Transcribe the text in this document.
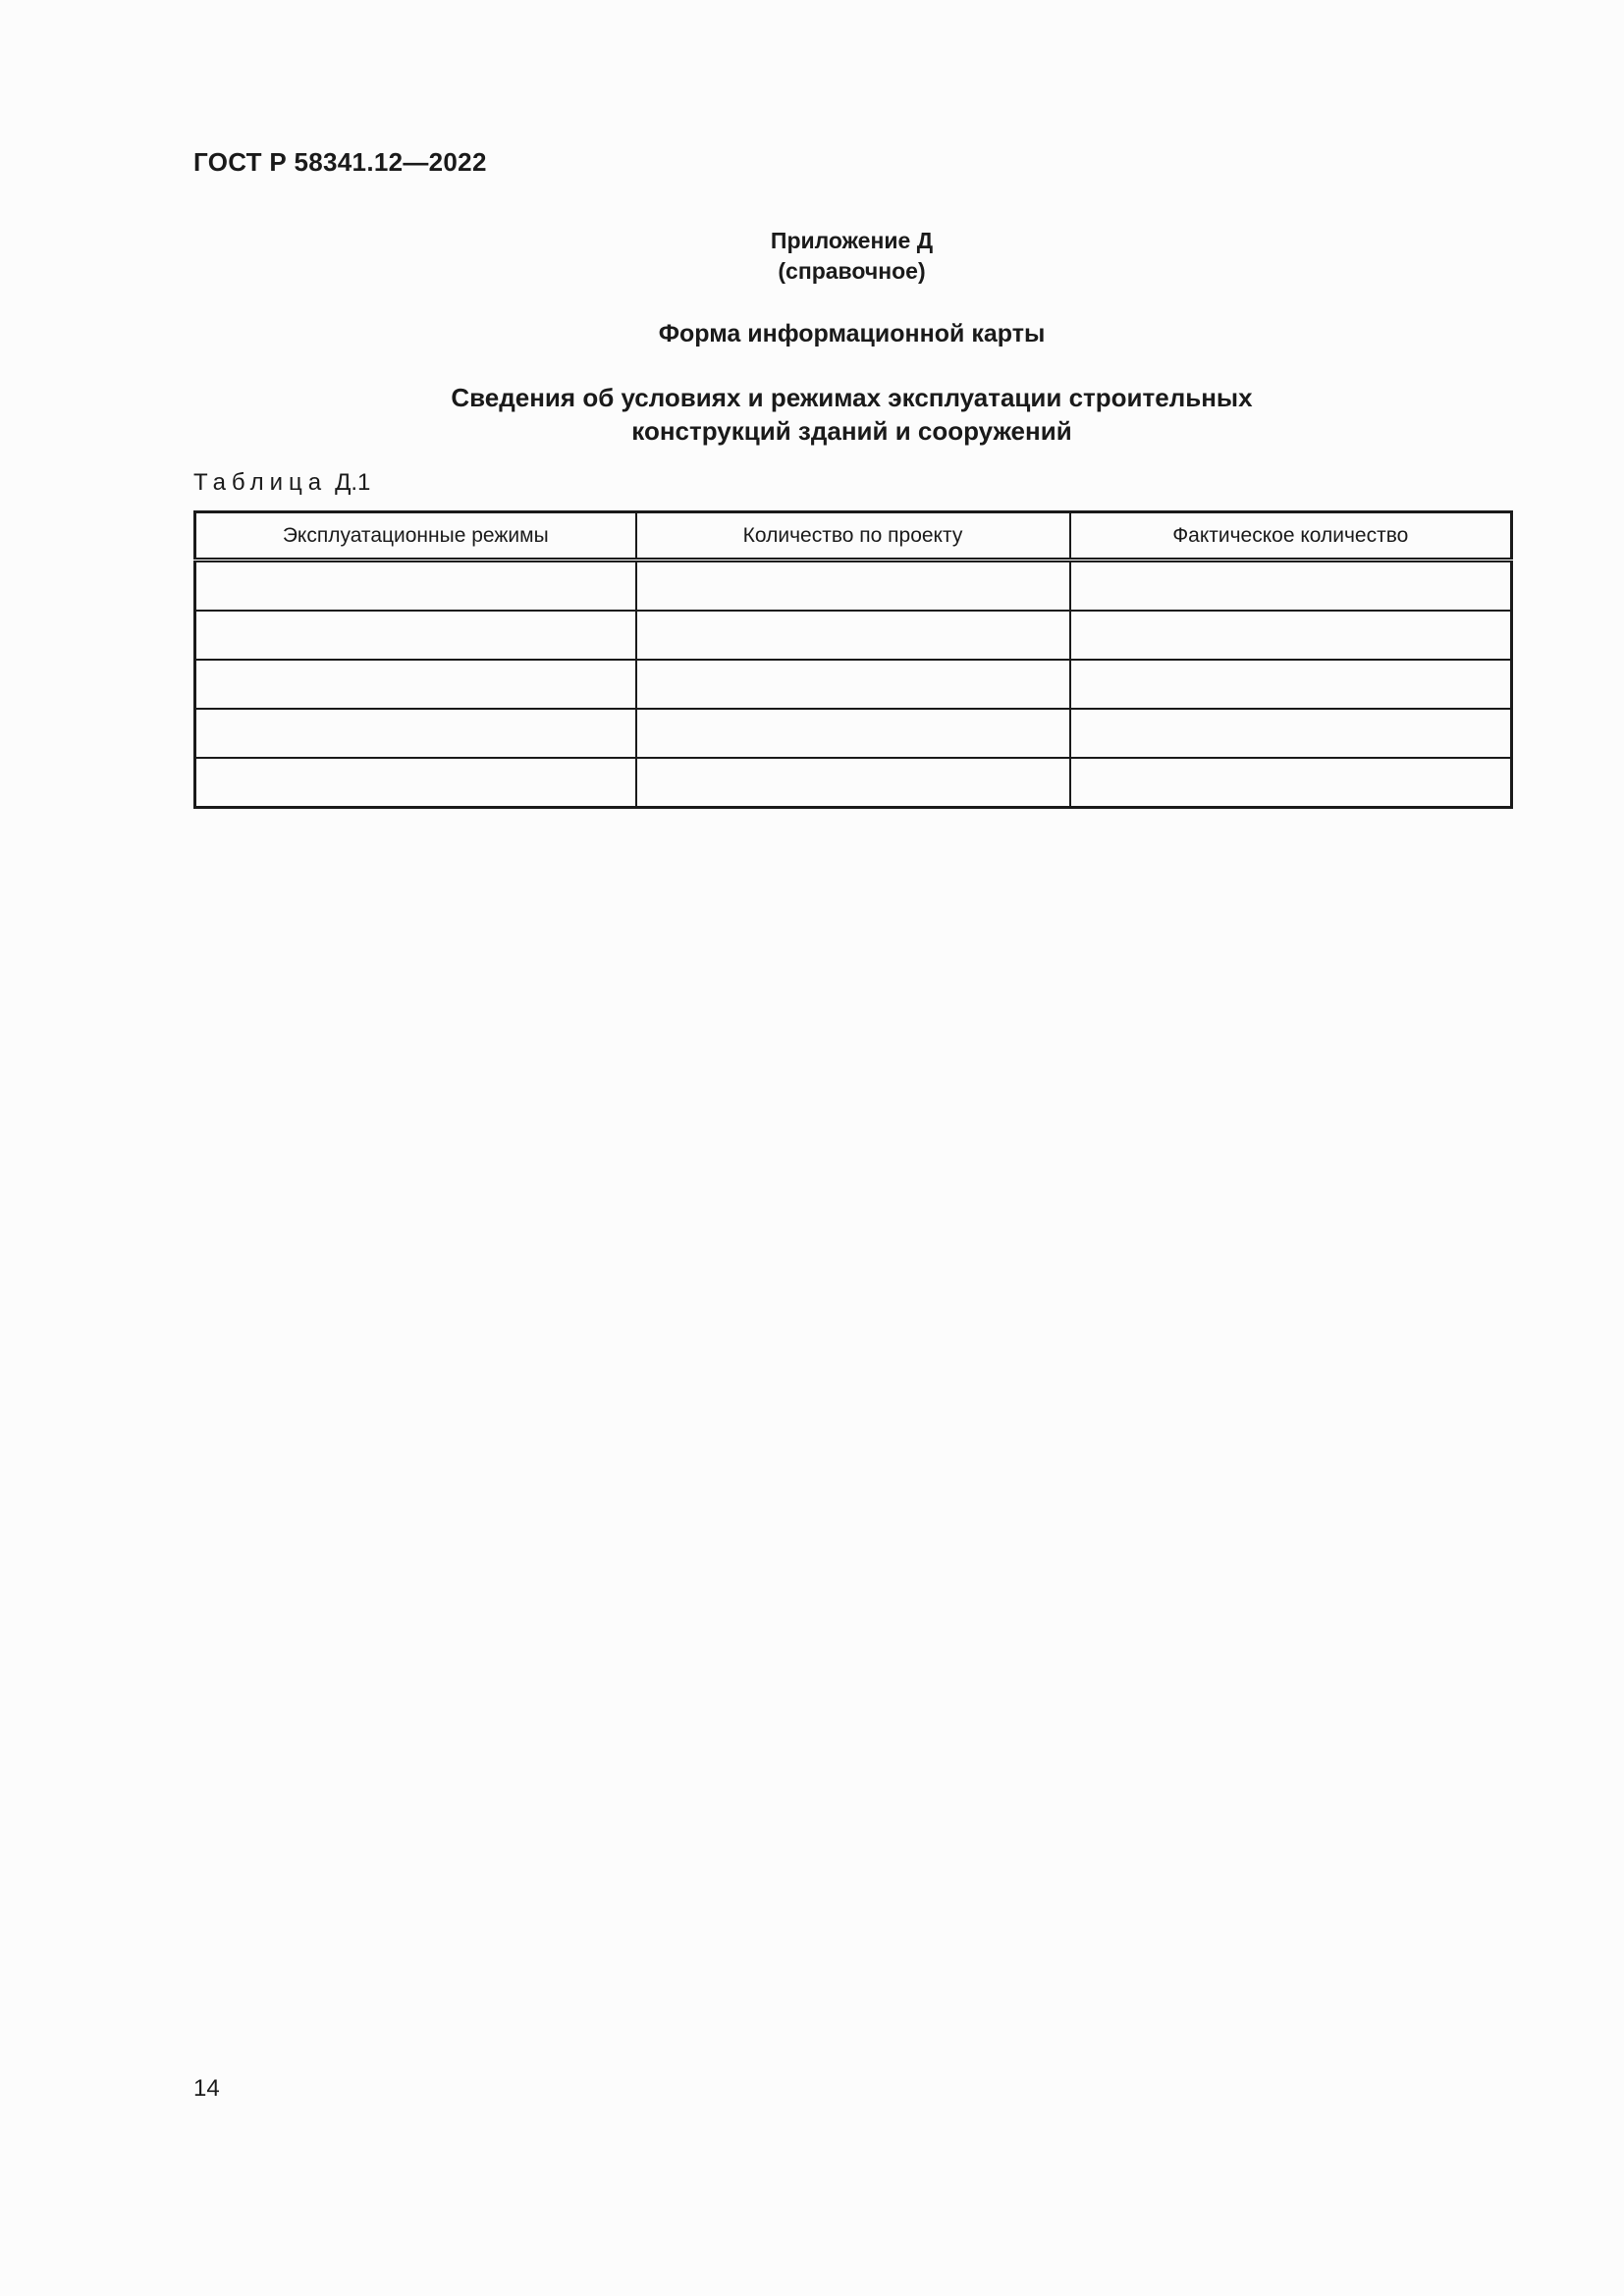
ГОСТ Р 58341.12—2022
Приложение Д
(справочное)
Форма информационной карты
Сведения об условиях и режимах эксплуатации строительных
конструкций зданий и сооружений
Таблица Д.1
Эксплуатационные режимы	Количество по проекту	Фактическое количество

14
